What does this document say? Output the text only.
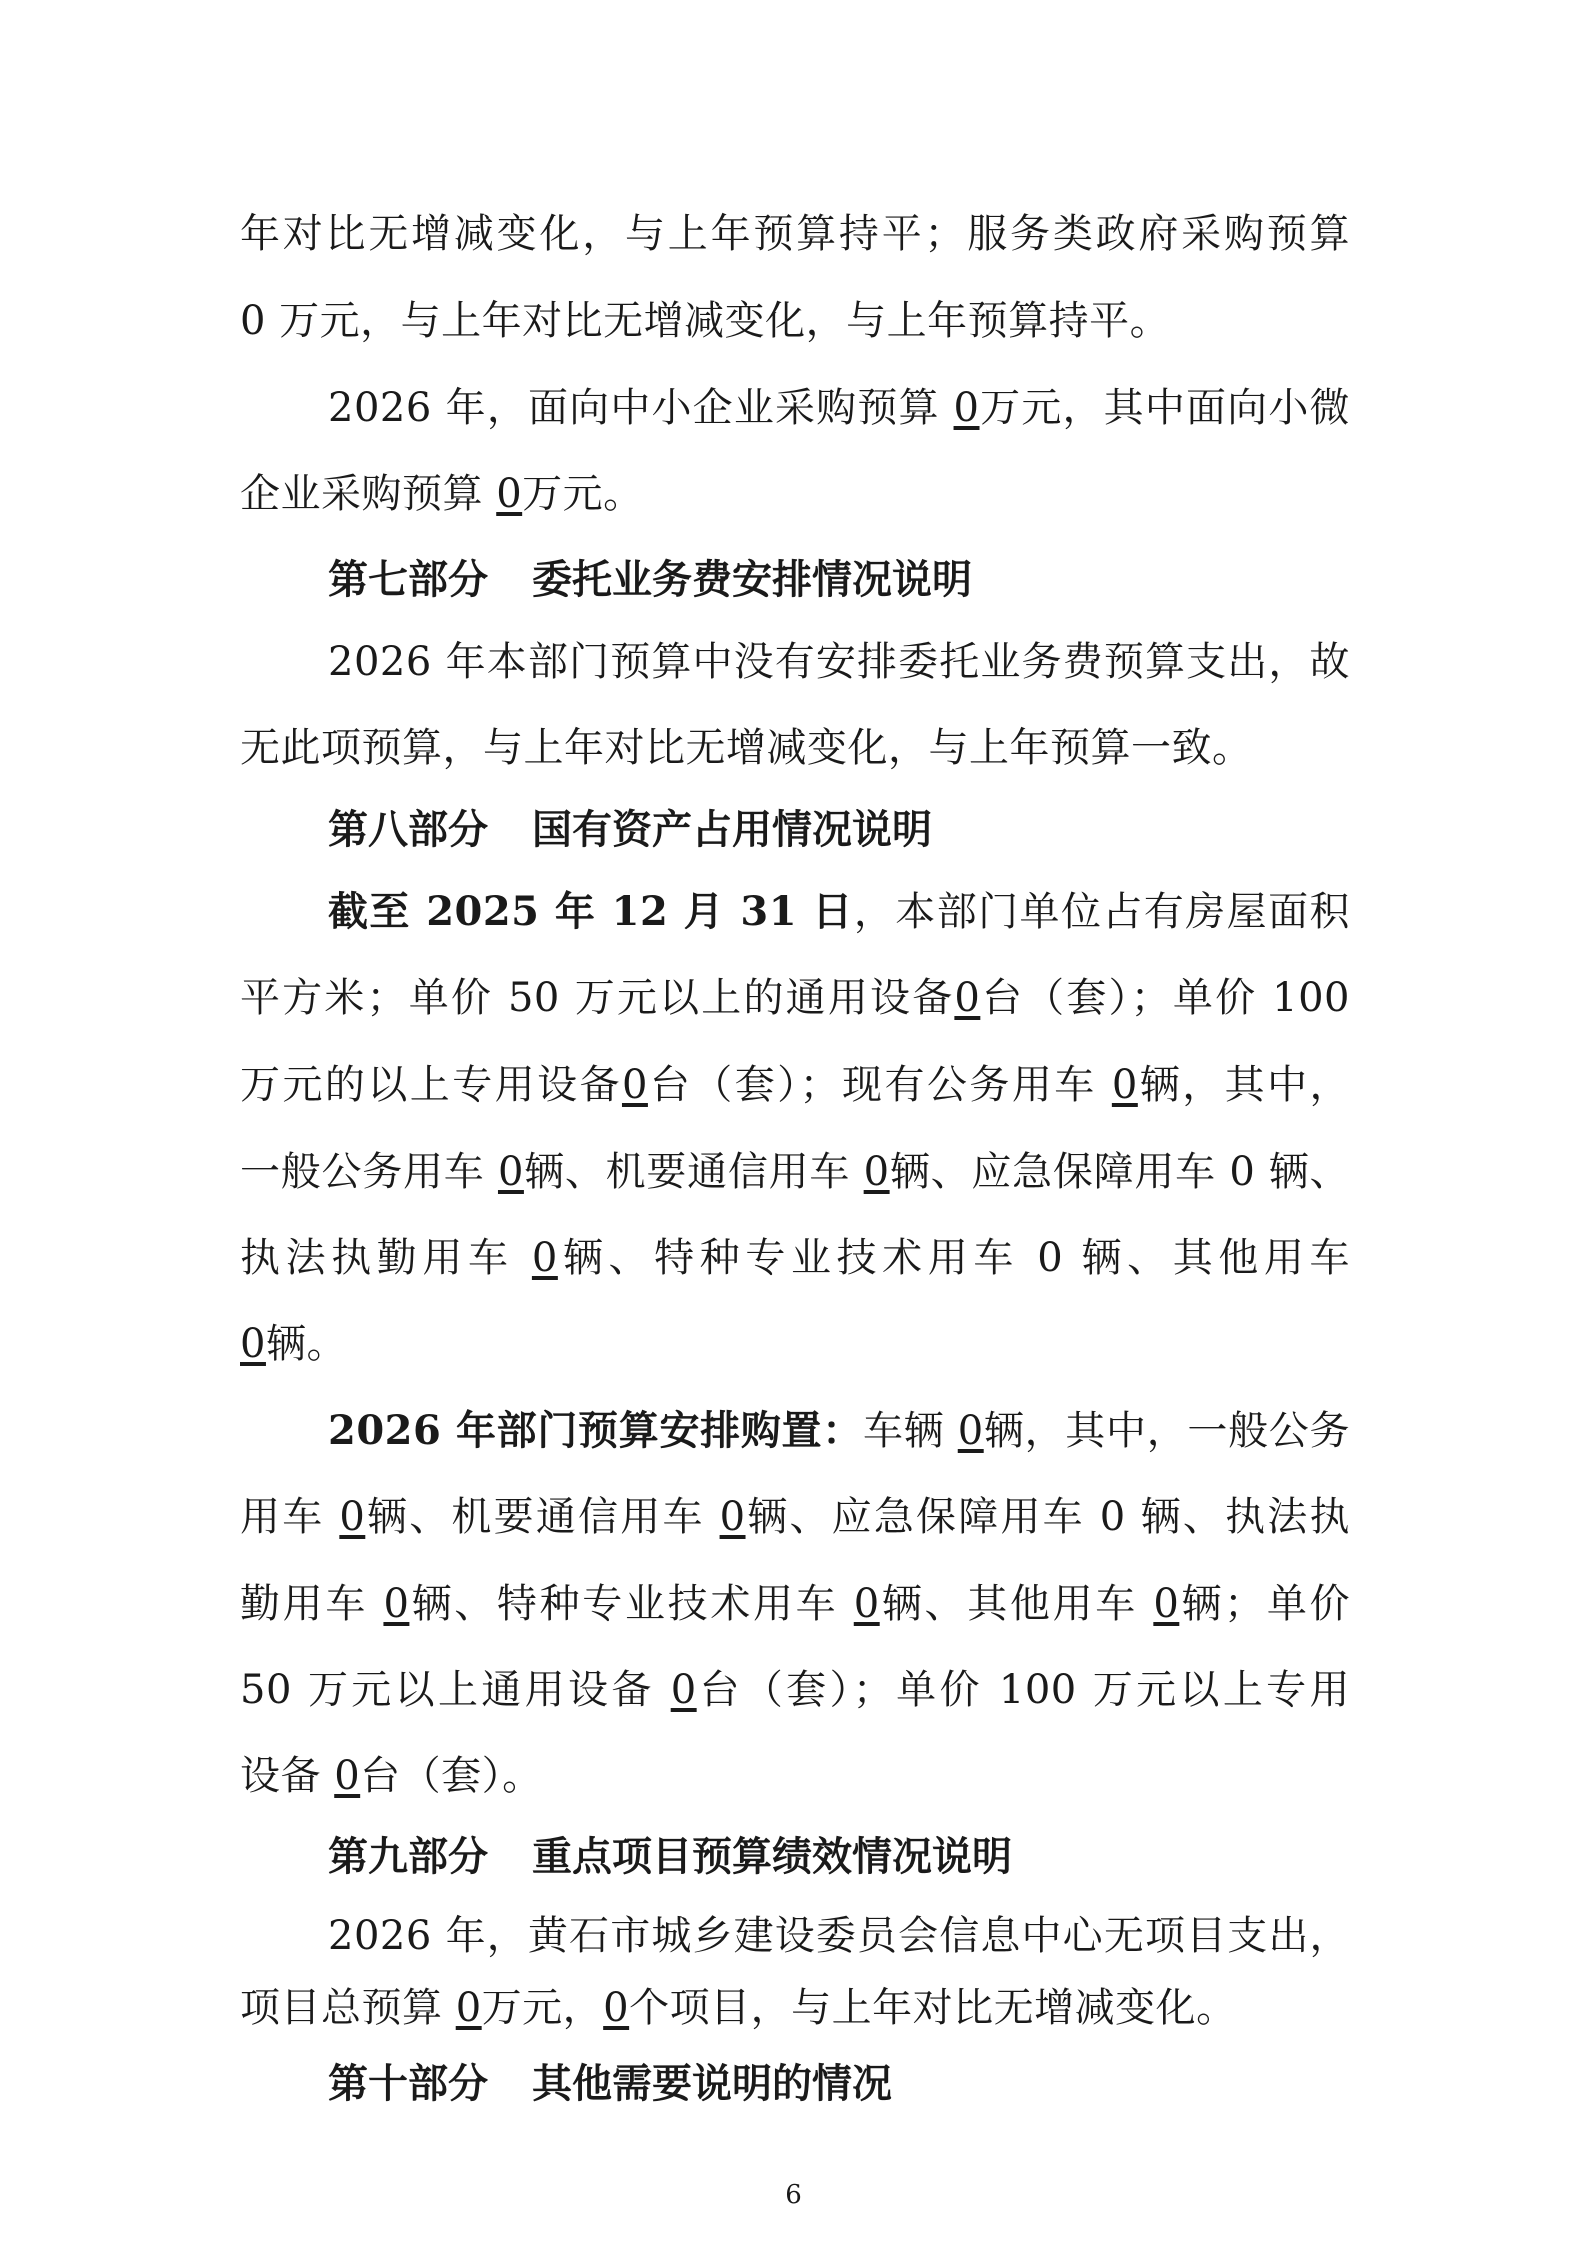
年对比无增减变化，与上年预算持平；服务类政府采购预算
0 万元，与上年对比无增减变化，与上年预算持平。
2026 年，面向中小企业采购预算 0万元，其中面向小微
企业采购预算 0万元。
第七部分 委托业务费安排情况说明
2026 年本部门预算中没有安排委托业务费预算支出，故
无此项预算，与上年对比无增减变化，与上年预算一致。
第八部分 国有资产占用情况说明
截至 2025 年 12 月 31 日，本部门单位占有房屋面积
平方米；单价 50 万元以上的通用设备0台（套）；单价 100
万元的以上专用设备0台（套）；现有公务用车 0辆，其中，
一般公务用车 0辆、机要通信用车 0辆、应急保障用车 0 辆、
执法执勤用车 0辆、特种专业技术用车 0 辆、其他用车
0辆。
2026 年部门预算安排购置：车辆 0辆，其中，一般公务
用车 0辆、机要通信用车 0辆、应急保障用车 0 辆、执法执
勤用车 0辆、特种专业技术用车 0辆、其他用车 0辆；单价
50 万元以上通用设备 0台（套）；单价 100 万元以上专用
设备 0台（套）。
第九部分 重点项目预算绩效情况说明
2026 年，黄石市城乡建设委员会信息中心无项目支出，
项目总预算 0万元，0个项目，与上年对比无增减变化。
第十部分 其他需要说明的情况
6
